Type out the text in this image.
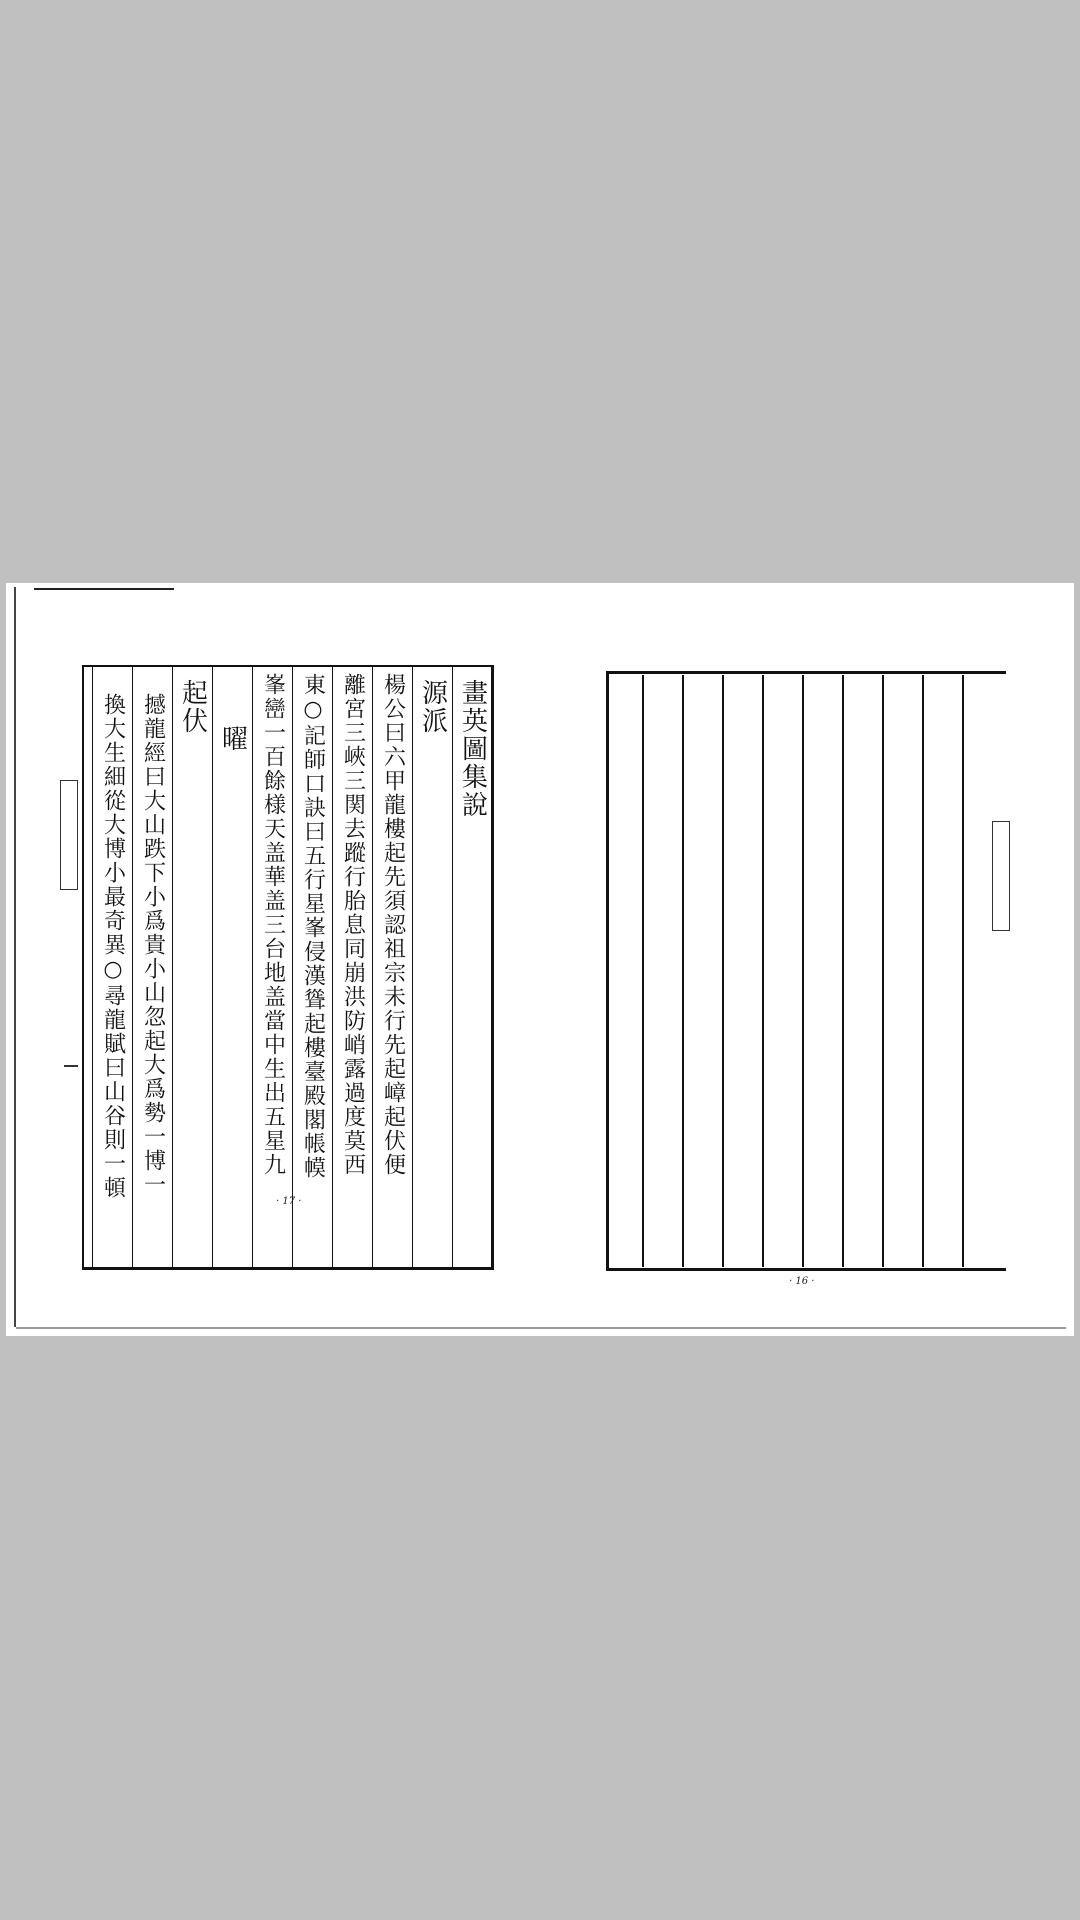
畫英圖集說
源派
楊公曰六甲龍樓起先須認祖宗未行先起嶂起伏便
離宮三峽三関去蹤行胎息同崩洪防峭露過度莫西
東○記師口訣曰五行星峯侵漢聳起樓臺殿閣帳幙
峯巒一百餘様天盖華盖三台地盖當中生出五星九
曜
起伏
撼龍經曰大山跌下小爲貴小山忽起大爲勢一博一
換大生細從大博小最奇異○尋龍賦曰山谷則一頓
· 17 ·
· 16 ·
